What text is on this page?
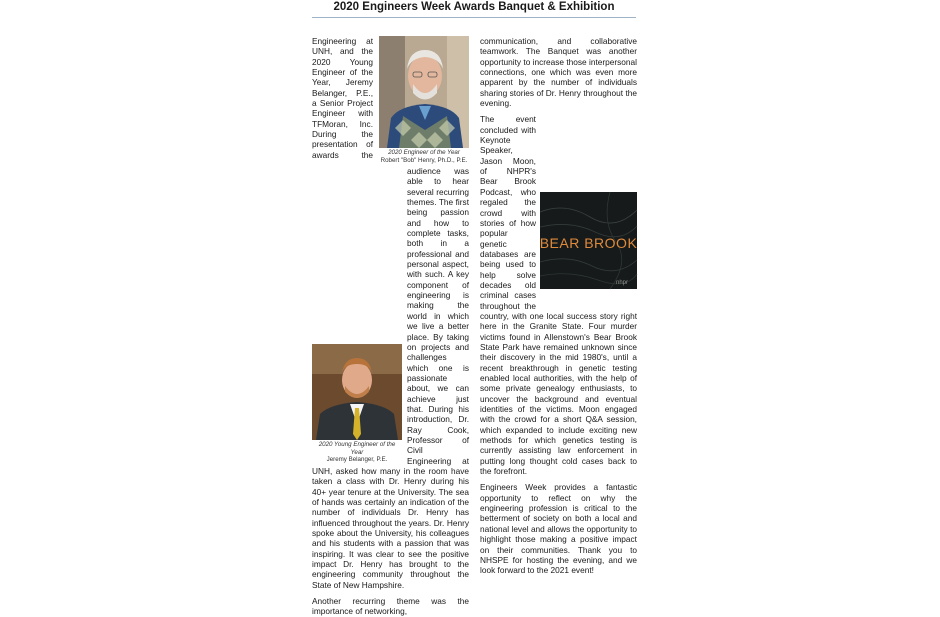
2020 Engineers Week Awards Banquet & Exhibition
2020 Engineer of the Year
Robert "Bob" Henry, Ph.D., P.E.
2020 Young Engineer of the Year
Jeremy Belanger, P.E.

Engineering at UNH, and the 2020 Young Engineer of the Year, Jeremy Belanger, P.E., a Senior Project Engineer with TFMoran, Inc. During the presentation of awards the audience was able to hear several recurring themes. The first being passion and how to complete tasks, both in a professional and personal aspect, with such. A key component of engineering is making the world in which we live a better place. By taking on projects and challenges which one is passionate about, we can achieve just that. During his introduction, Dr. Ray Cook, Professor of Civil Engineering at UNH, asked how many in the room have taken a class with Dr. Henry during his 40+ year tenure at the University. The sea of hands was certainly an indication of the number of individuals Dr. Henry has influenced throughout the years. Dr. Henry spoke about the University, his colleagues and his students with a passion that was inspiring. It was clear to see the positive impact Dr. Henry has brought to the engineering community throughout the State of New Hampshire.

Another recurring theme was the importance of networking,

communication, and collaborative teamwork. The Banquet was another opportunity to increase those interpersonal connections, one which was even more apparent by the number of individuals sharing stories of Dr. Henry throughout the evening.

BEAR BROOK
nhpr

The event concluded with Keynote Speaker, Jason Moon, of NHPR's Bear Brook Podcast, who regaled the crowd with stories of how popular genetic databases are being used to help solve decades old criminal cases throughout the country, with one local success story right here in the Granite State. Four murder victims found in Allenstown's Bear Brook State Park have remained unknown since their discovery in the mid 1980's, until a recent breakthrough in genetic testing enabled local authorities, with the help of some private genealogy enthusiasts, to uncover the background and eventual identities of the victims. Moon engaged with the crowd for a short Q&A session, which expanded to include exciting new methods for which genetics testing is currently assisting law enforcement in putting long thought cold cases back to the forefront.

Engineers Week provides a fantastic opportunity to reflect on why the engineering profession is critical to the betterment of society on both a local and national level and allows the opportunity to highlight those making a positive impact on their communities. Thank you to NHSPE for hosting the evening, and we look forward to the 2021 event!
